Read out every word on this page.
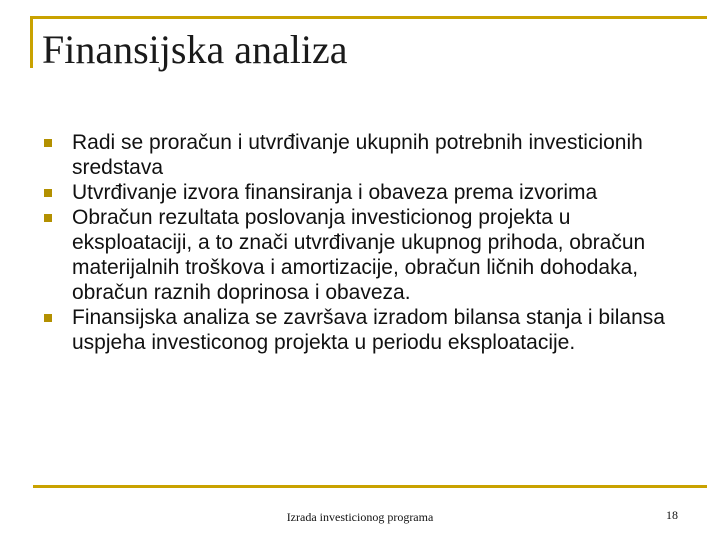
Finansijska analiza
Radi se proračun i utvrđivanje ukupnih potrebnih investicionih sredstava
Utvrđivanje izvora finansiranja i obaveza prema izvorima
Obračun rezultata poslovanja investicionog projekta u eksploataciji, a to znači utvrđivanje ukupnog prihoda, obračun materijalnih troškova i amortizacije, obračun ličnih dohodaka, obračun raznih doprinosa i obaveza.
Finansijska analiza se završava izradom bilansa stanja i bilansa uspjeha investiconog projekta u periodu eksploatacije.
Izrada investicionog programa	18
